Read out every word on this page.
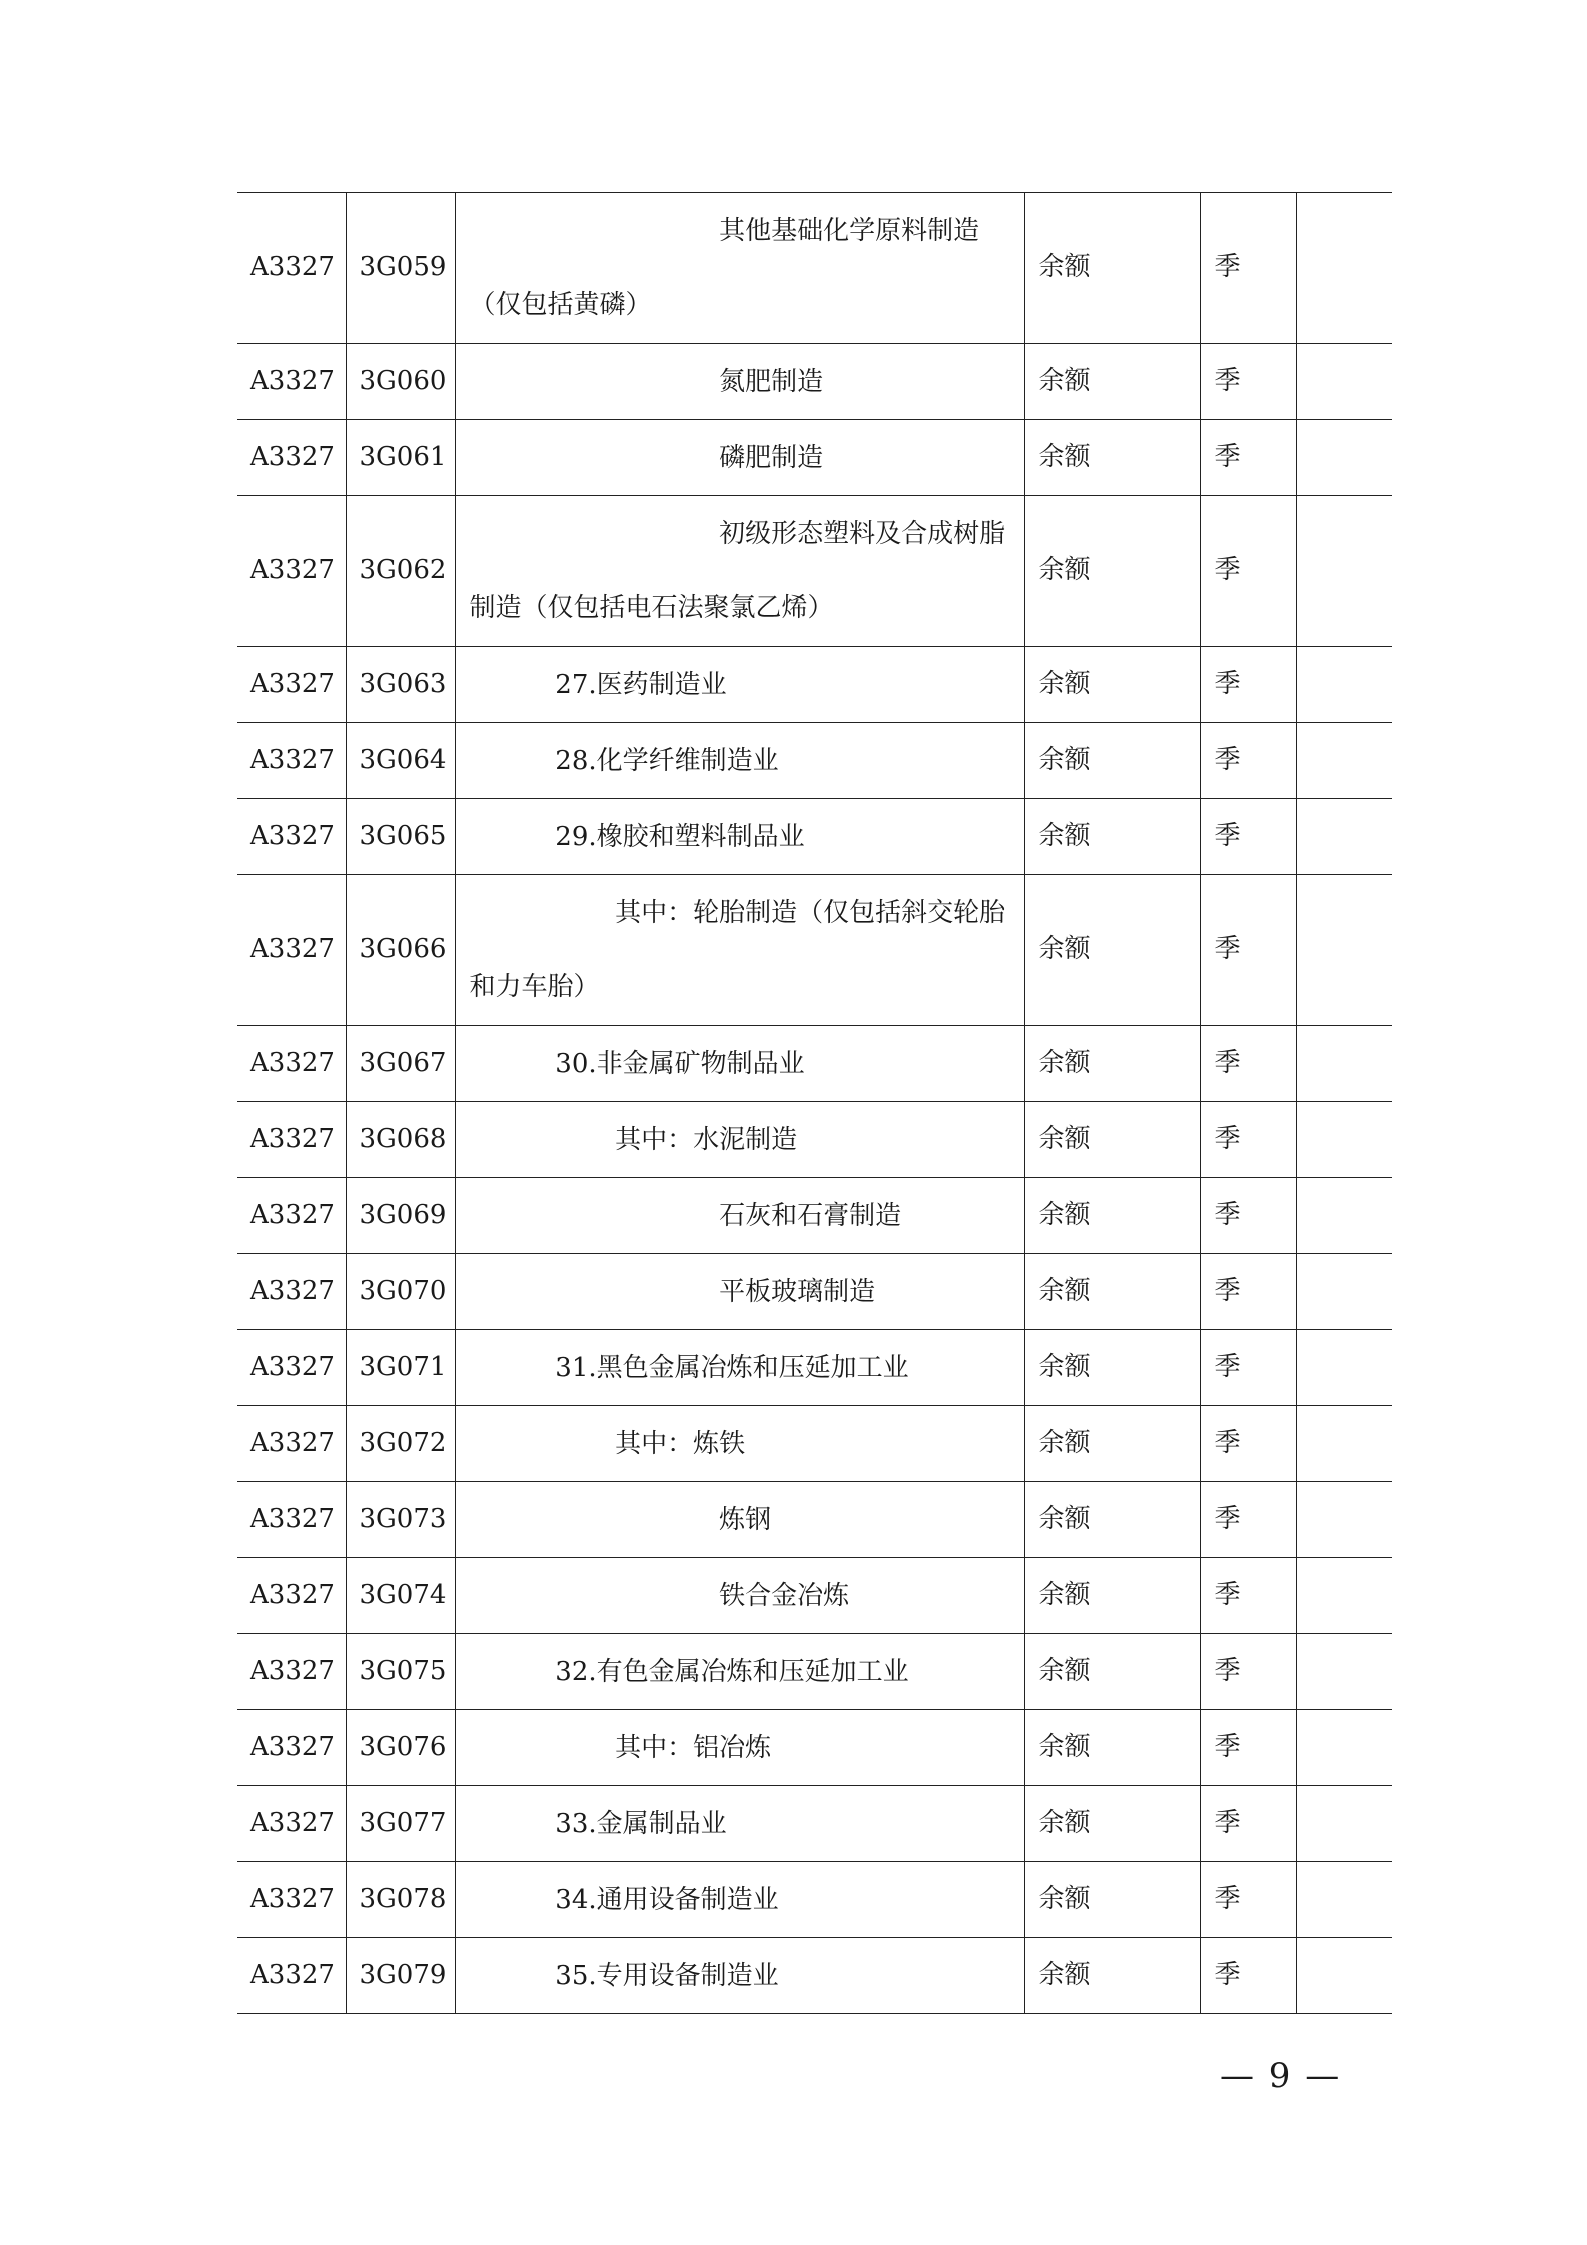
A3327	3G059	其他基础化学原料制造（仅包括黄磷）	余额	季	
A3327	3G060	氮肥制造	余额	季	
A3327	3G061	磷肥制造	余额	季	
A3327	3G062	初级形态塑料及合成树脂制造（仅包括电石法聚氯乙烯）	余额	季	
A3327	3G063	27.医药制造业	余额	季	
A3327	3G064	28.化学纤维制造业	余额	季	
A3327	3G065	29.橡胶和塑料制品业	余额	季	
A3327	3G066	其中：轮胎制造（仅包括斜交轮胎和力车胎）	余额	季	
A3327	3G067	30.非金属矿物制品业	余额	季	
A3327	3G068	其中：水泥制造	余额	季	
A3327	3G069	石灰和石膏制造	余额	季	
A3327	3G070	平板玻璃制造	余额	季	
A3327	3G071	31.黑色金属冶炼和压延加工业	余额	季	
A3327	3G072	其中：炼铁	余额	季	
A3327	3G073	炼钢	余额	季	
A3327	3G074	铁合金冶炼	余额	季	
A3327	3G075	32.有色金属冶炼和压延加工业	余额	季	
A3327	3G076	其中：铝冶炼	余额	季	
A3327	3G077	33.金属制品业	余额	季	
A3327	3G078	34.通用设备制造业	余额	季	
A3327	3G079	35.专用设备制造业	余额	季	
— 9 —
